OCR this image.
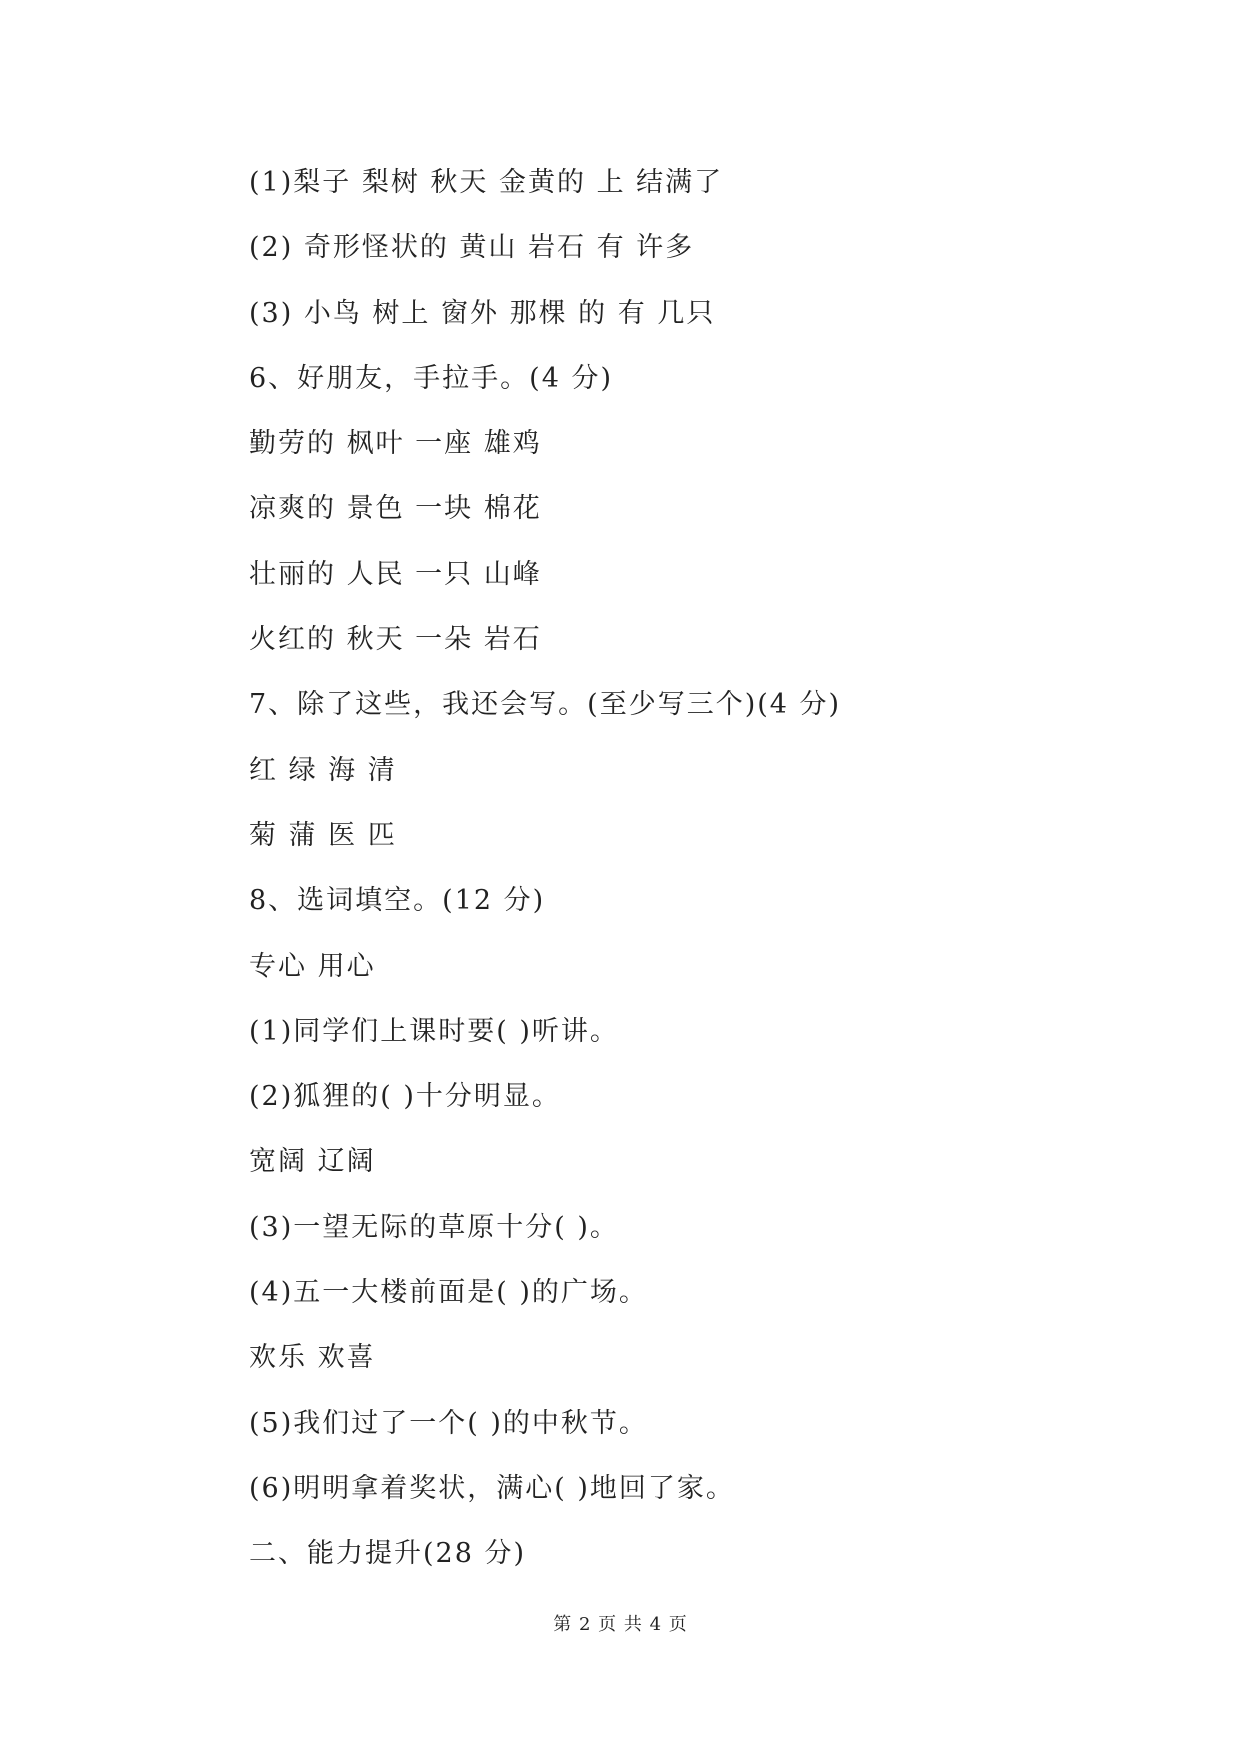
(1)梨子 梨树 秋天 金黄的 上 结满了
(2) 奇形怪状的 黄山 岩石 有 许多
(3) 小鸟 树上 窗外 那棵 的 有 几只
6、好朋友，手拉手。(4 分)
勤劳的 枫叶 一座 雄鸡
凉爽的 景色 一块 棉花
壮丽的 人民 一只 山峰
火红的 秋天 一朵 岩石
7、除了这些，我还会写。(至少写三个)(4 分)
红 绿 海 清
菊 蒲 医 匹
8、选词填空。(12 分)
专心 用心
(1)同学们上课时要( )听讲。
(2)狐狸的( )十分明显。
宽阔 辽阔
(3)一望无际的草原十分( )。
(4)五一大楼前面是( )的广场。
欢乐 欢喜
(5)我们过了一个( )的中秋节。
(6)明明拿着奖状，满心( )地回了家。
二、能力提升(28 分)
第 2 页 共 4 页
